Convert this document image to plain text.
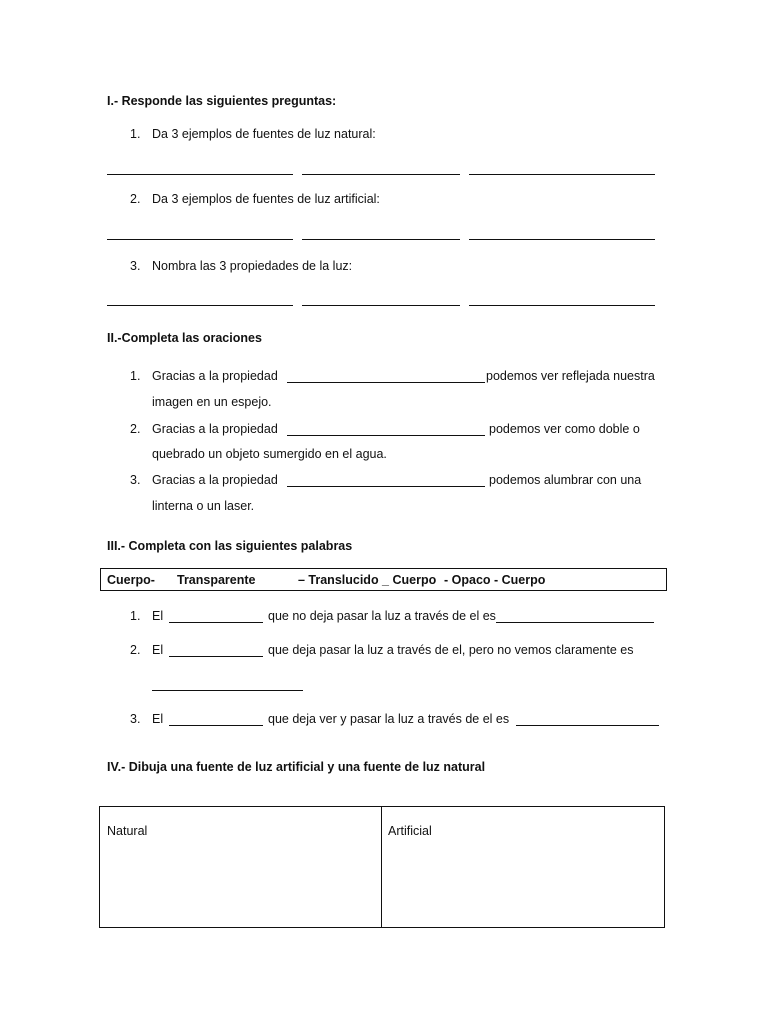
I.- Responde las siguientes preguntas:
1. Da 3 ejemplos de fuentes de luz natural:
2. Da 3 ejemplos de fuentes de luz artificial:
3. Nombra las 3 propiedades de la luz:
II.-Completa las oraciones
1. Gracias a la propiedad	podemos ver reflejada nuestra
imagen en un espejo.
2. Gracias a la propiedad	podemos ver como doble o
quebrado un objeto sumergido en el agua.
3. Gracias a la propiedad	podemos alumbrar con una
linterna o un laser.
III.- Completa con las siguientes palabras
Cuerpo- Transparente	– Translucido _ Cuerpo - Opaco - Cuerpo
1. El	que no deja pasar la luz a través de el es
2. El	que deja pasar la luz a través de el, pero no vemos claramente es
3. El	que deja ver y pasar la luz a través de el es
IV.- Dibuja una fuente de luz artificial y una fuente de luz natural
Natural	Artificial
